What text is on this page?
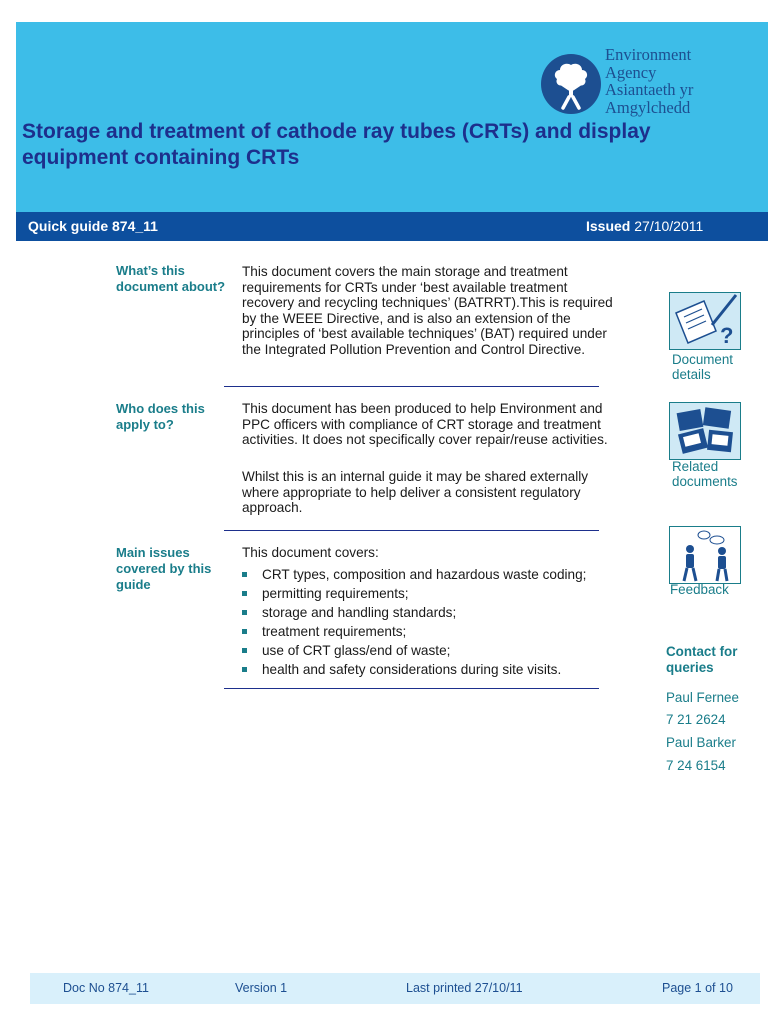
Environment
Agency
Asiantaeth yr
Amgylchedd
Storage and treatment of cathode ray tubes (CRTs) and display equipment containing CRTs
Quick guide 874_11	Issued 27/10/2011
What’s this document about?
This document covers the main storage and treatment requirements for CRTs under ‘best available treatment recovery and recycling techniques’ (BATRRT).This is required by the WEEE Directive, and is also an extension of the principles of ‘best available techniques’ (BAT) required under the Integrated Pollution Prevention and Control Directive.
Who does this apply to?
This document has been produced to help Environment and PPC officers with compliance of CRT storage and treatment activities. It does not specifically cover repair/reuse activities.
Whilst this is an internal guide it may be shared externally where appropriate to help deliver a consistent regulatory approach.
Main issues covered by this guide
This document covers:
CRT types, composition and hazardous waste coding;
permitting requirements;
storage and handling standards;
treatment requirements;
use of CRT glass/end of waste;
health and safety considerations during site visits.
?
Document details
Related documents
Feedback
Contact for queries
Paul Fernee
7 21 2624
Paul Barker
7 24 6154
Doc No 874_11	Version 1	Last printed 27/10/11	Page 1 of 10
